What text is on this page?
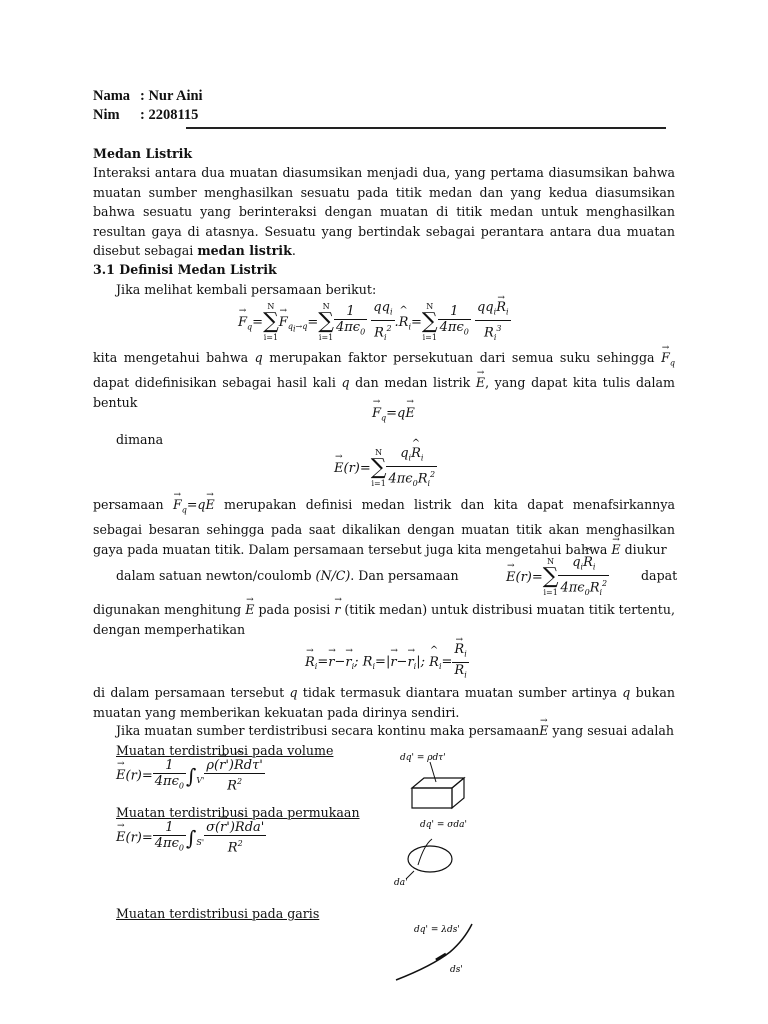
Nama : Nur Aini
Nim : 2208115
Medan Listrik
Interaksi antara dua muatan diasumsikan menjadi dua, yang pertama diasumsikan bahwa muatan sumber menghasilkan sesuatu pada titik medan dan yang kedua diasumsikan bahwa sesuatu yang berinteraksi dengan muatan di titik medan untuk menghasilkan resultan gaya di atasnya. Sesuatu yang bertindak sebagai perantara antara dua muatan disebut sebagai medan listrik.
3.1 Definisi Medan Listrik
Jika melihat kembali persamaan berikut:
→ $F_q=$
N
∑
i=1
→ $F_{q_i\to q}=$
N
∑
$i=1 \frac{1}{4\pi\epsilon_0}$
$\frac{qq_i}{R_i^2}$ .^ $R_i=$
N
∑
$i=1 \frac{1}{4\pi\epsilon_0}$
$\frac{qq_i\to R_i}{R_i^3}$
kita mengetahui bahwa q merupakan faktor persekutuan dari semua suku sehingga → $F_q$ dapat didefinisikan sebagai hasil kali q dan medan listrik → E, yang dapat kita tulis dalam bentuk
→ $F_q=q\to E$
dimana
→ E(r)=
N
∑
$i=1 \frac{q_i\^{} R_i}{4\pi\epsilon_0R_i^2}$
persamaan → $F_q=q\to E$ merupakan definisi medan listrik dan kita dapat menafsirkannya sebagai besaran sehingga pada saat dikalikan dengan muatan titik akan menghasilkan gaya pada muatan titik. Dalam persamaan tersebut juga kita mengetahui bahwa → E diukur
dalam satuan newton/coulomb (N/C). Dan persamaan
→	E(r)=
N
∑
$i=1 \frac{q_i\^{} R_i}{4\pi\epsilon_0R_i^2}$	dapat
digunakan menghitung → E pada posisi → r (titik medan) untuk distribusi muatan titik tertentu, dengan memperhatikan
→ $R_i=\to r-\to r_i$; $R_i=|\to r-\to r_i|$; ^ $R_i=$
→ $\frac{R_i}{R_i}$
di dalam persamaan tersebut q tidak termasuk diantara muatan sumber artinya q bukan muatan yang memberikan kekuatan pada dirinya sendiri.
Jika muatan sumber terdistribusi secara kontinu maka persamaan→ E yang sesuai adalah
Muatan terdistribusi pada volume
→ $E(r)= \frac{1}{4\pi\epsilon_0} \int_{V'} \frac{\text{ρ(→ r')\textasciicircum{} Rdτ'}}{R^2}$
Muatan terdistribusi pada permukaan
→ $E(r)= \frac{1}{4\pi\epsilon_0} \int_{S'} \frac{\text{σ(→ r')\textasciicircum{} Rda'}}{R^2}$
Muatan terdistribusi pada garis
dq' = ρdτ'
dq' = σda'
da'
dq' = λds'
ds'
